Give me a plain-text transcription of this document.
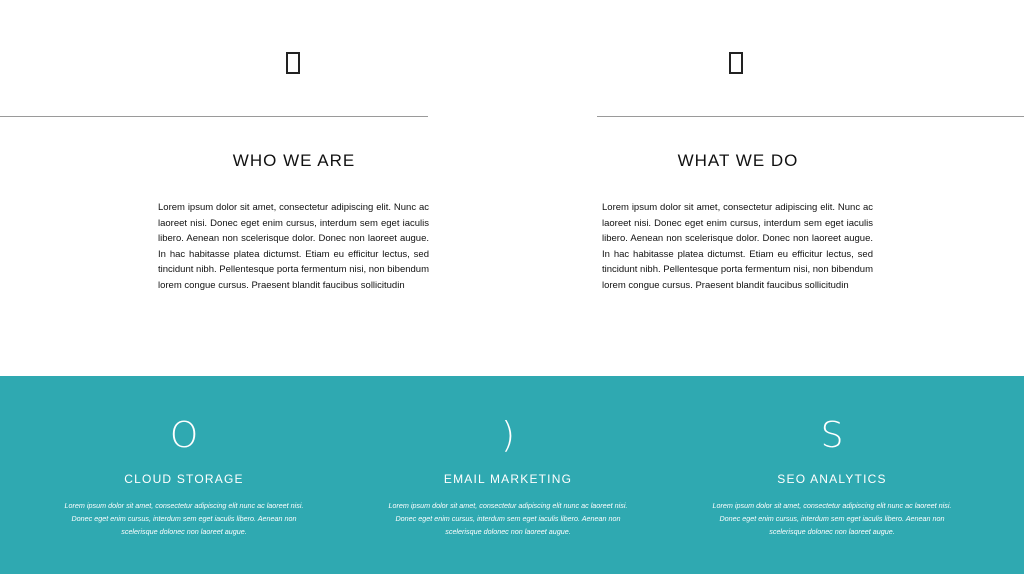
WHO WE ARE
Lorem ipsum dolor sit amet, consectetur adipiscing elit. Nunc ac laoreet nisi. Donec eget enim cursus, interdum sem eget iaculis libero. Aenean non scelerisque dolor. Donec non laoreet augue. In hac habitasse platea dictumst. Etiam eu efficitur lectus, sed tincidunt nibh. Pellentesque porta fermentum nisi, non bibendum lorem congue cursus. Praesent blandit faucibus sollicitudin
WHAT WE DO
Lorem ipsum dolor sit amet, consectetur adipiscing elit. Nunc ac laoreet nisi. Donec eget enim cursus, interdum sem eget iaculis libero. Aenean non scelerisque dolor. Donec non laoreet augue. In hac habitasse platea dictumst. Etiam eu efficitur lectus, sed tincidunt nibh. Pellentesque porta fermentum nisi, non bibendum lorem congue cursus. Praesent blandit faucibus sollicitudin
O
CLOUD STORAGE
Lorem ipsum dolor sit amet, consectetur adipiscing elit nunc ac laoreet nisi. Donec eget enim cursus, interdum sem eget iaculis libero. Aenean non scelerisque dolonec non laoreet augue.
)
EMAIL MARKETING
Lorem ipsum dolor sit amet, consectetur adipiscing elit nunc ac laoreet nisi. Donec eget enim cursus, interdum sem eget iaculis libero. Aenean non scelerisque dolonec non laoreet augue.
S
SEO ANALYTICS
Lorem ipsum dolor sit amet, consectetur adipiscing elit nunc ac laoreet nisi. Donec eget enim cursus, interdum sem eget iaculis libero. Aenean non scelerisque dolonec non laoreet augue.
